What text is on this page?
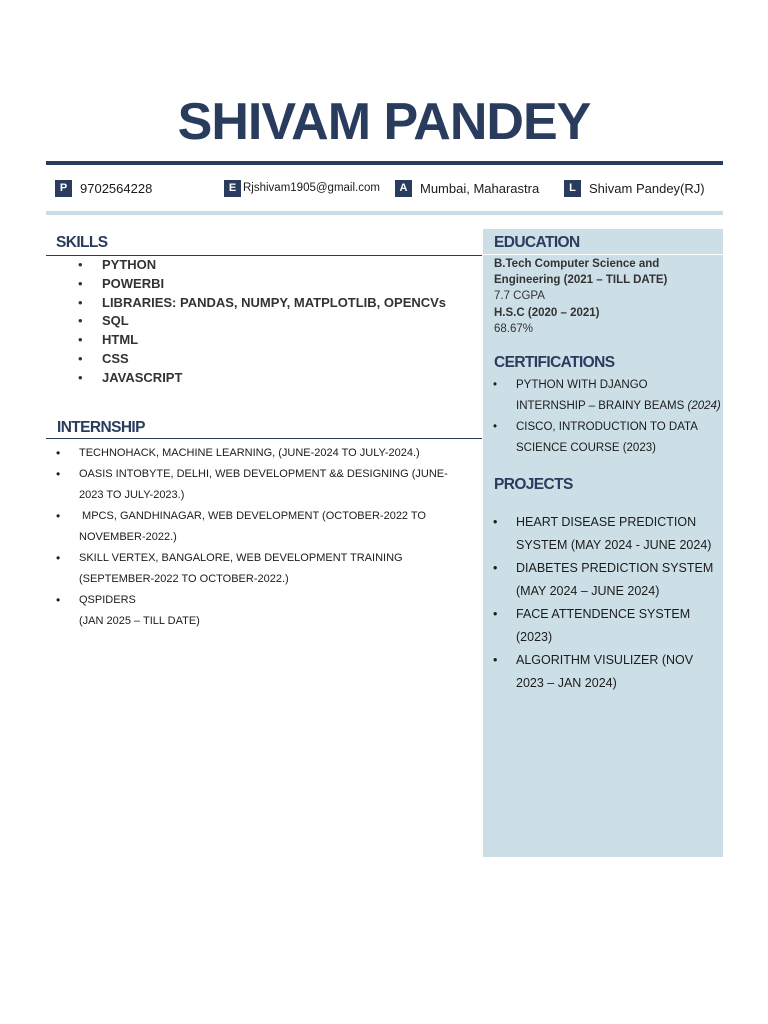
SHIVAM PANDEY
P 9702564228	E Rjshivam1905@gmail.com	A Mumbai, Maharastra	L	Shivam Pandey(RJ)
SKILLS
• PYTHON
• POWERBI
• LIBRARIES: PANDAS, NUMPY, MATPLOTLIB, OPENCVs
• SQL
• HTML
• CSS
• JAVASCRIPT
INTERNSHIP
• TECHNOHACK, MACHINE LEARNING, (JUNE-2024 TO JULY-2024.)
• OASIS INTOBYTE, DELHI, WEB DEVELOPMENT && DESIGNING (JUNE-
2023 TO JULY-2023.)
•  MPCS, GANDHINAGAR, WEB DEVELOPMENT (OCTOBER-2022 TO
NOVEMBER-2022.)
• SKILL VERTEX, BANGALORE, WEB DEVELOPMENT TRAINING
(SEPTEMBER-2022 TO OCTOBER-2022.)
• QSPIDERS
(JAN 2025 – TILL DATE)
EDUCATION

B.Tech Computer Science and

Engineering (2021 – TILL DATE)

7.7 CGPA

H.S.C (2020 – 2021)

68.67%

CERTIFICATIONS
• PYTHON WITH DJANGO
INTERNSHIP – BRAINY BEAMS (2024)
• CISCO, INTRODUCTION TO DATA
SCIENCE COURSE (2023)
PROJECTS
• HEART DISEASE PREDICTION
SYSTEM (MAY 2024 - JUNE 2024)
• DIABETES PREDICTION SYSTEM
(MAY 2024 – JUNE 2024)
• FACE ATTENDENCE SYSTEM
(2023)
• ALGORITHM VISULIZER (NOV
2023 – JAN 2024)
